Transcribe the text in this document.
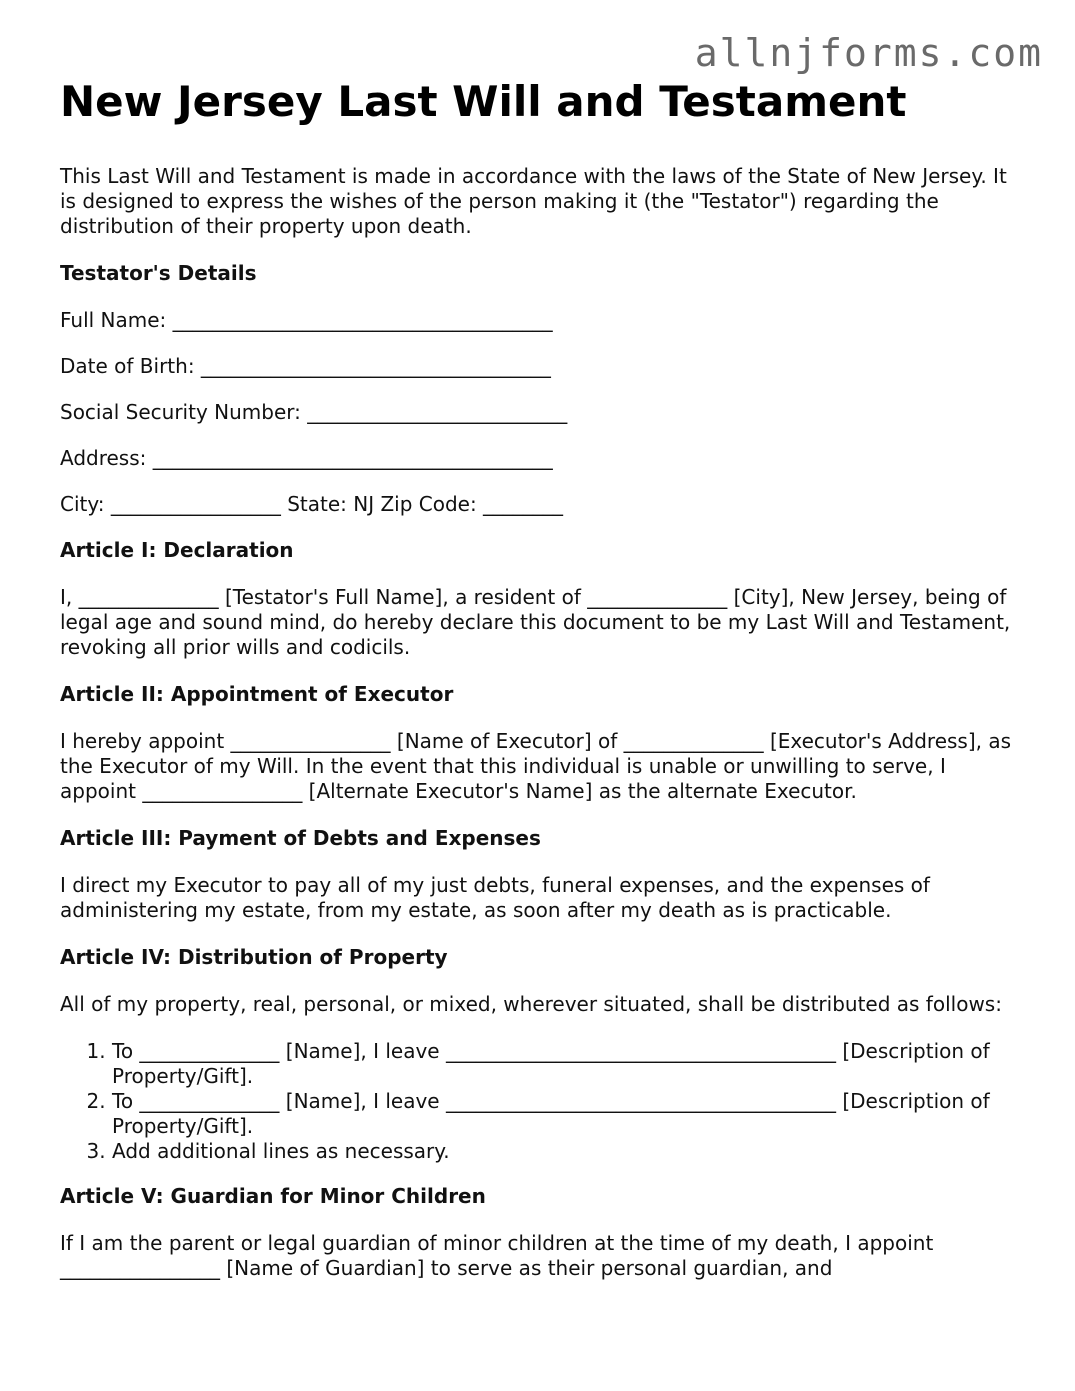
allnjforms.com
New Jersey Last Will and Testament

This Last Will and Testament is made in accordance with the laws of the State of New Jersey. It is designed to express the wishes of the person making it (the "Testator") regarding the distribution of their property upon death.

Testator's Details
Full Name: ______________________________________
Date of Birth: ___________________________________
Social Security Number: __________________________
Address: ________________________________________
City: _________________ State: NJ Zip Code: ________
Article I: Declaration

I, ______________ [Testator's Full Name], a resident of ______________ [City], New Jersey, being of legal age and sound mind, do hereby declare this document to be my Last Will and Testament, revoking all prior wills and codicils.

Article II: Appointment of Executor

I hereby appoint ________________ [Name of Executor] of ______________ [Executor's Address], as the Executor of my Will. In the event that this individual is unable or unwilling to serve, I appoint ________________ [Alternate Executor's Name] as the alternate Executor.

Article III: Payment of Debts and Expenses

I direct my Executor to pay all of my just debts, funeral expenses, and the expenses of administering my estate, from my estate, as soon after my death as is practicable.

Article IV: Distribution of Property

All of my property, real, personal, or mixed, wherever situated, shall be distributed as follows:

1. To ______________ [Name], I leave _______________________________________ [Description of Property/Gift].
2. To ______________ [Name], I leave _______________________________________ [Description of Property/Gift].
3. Add additional lines as necessary.
Article V: Guardian for Minor Children

If I am the parent or legal guardian of minor children at the time of my death, I appoint ________________ [Name of Guardian] to serve as their personal guardian, and
